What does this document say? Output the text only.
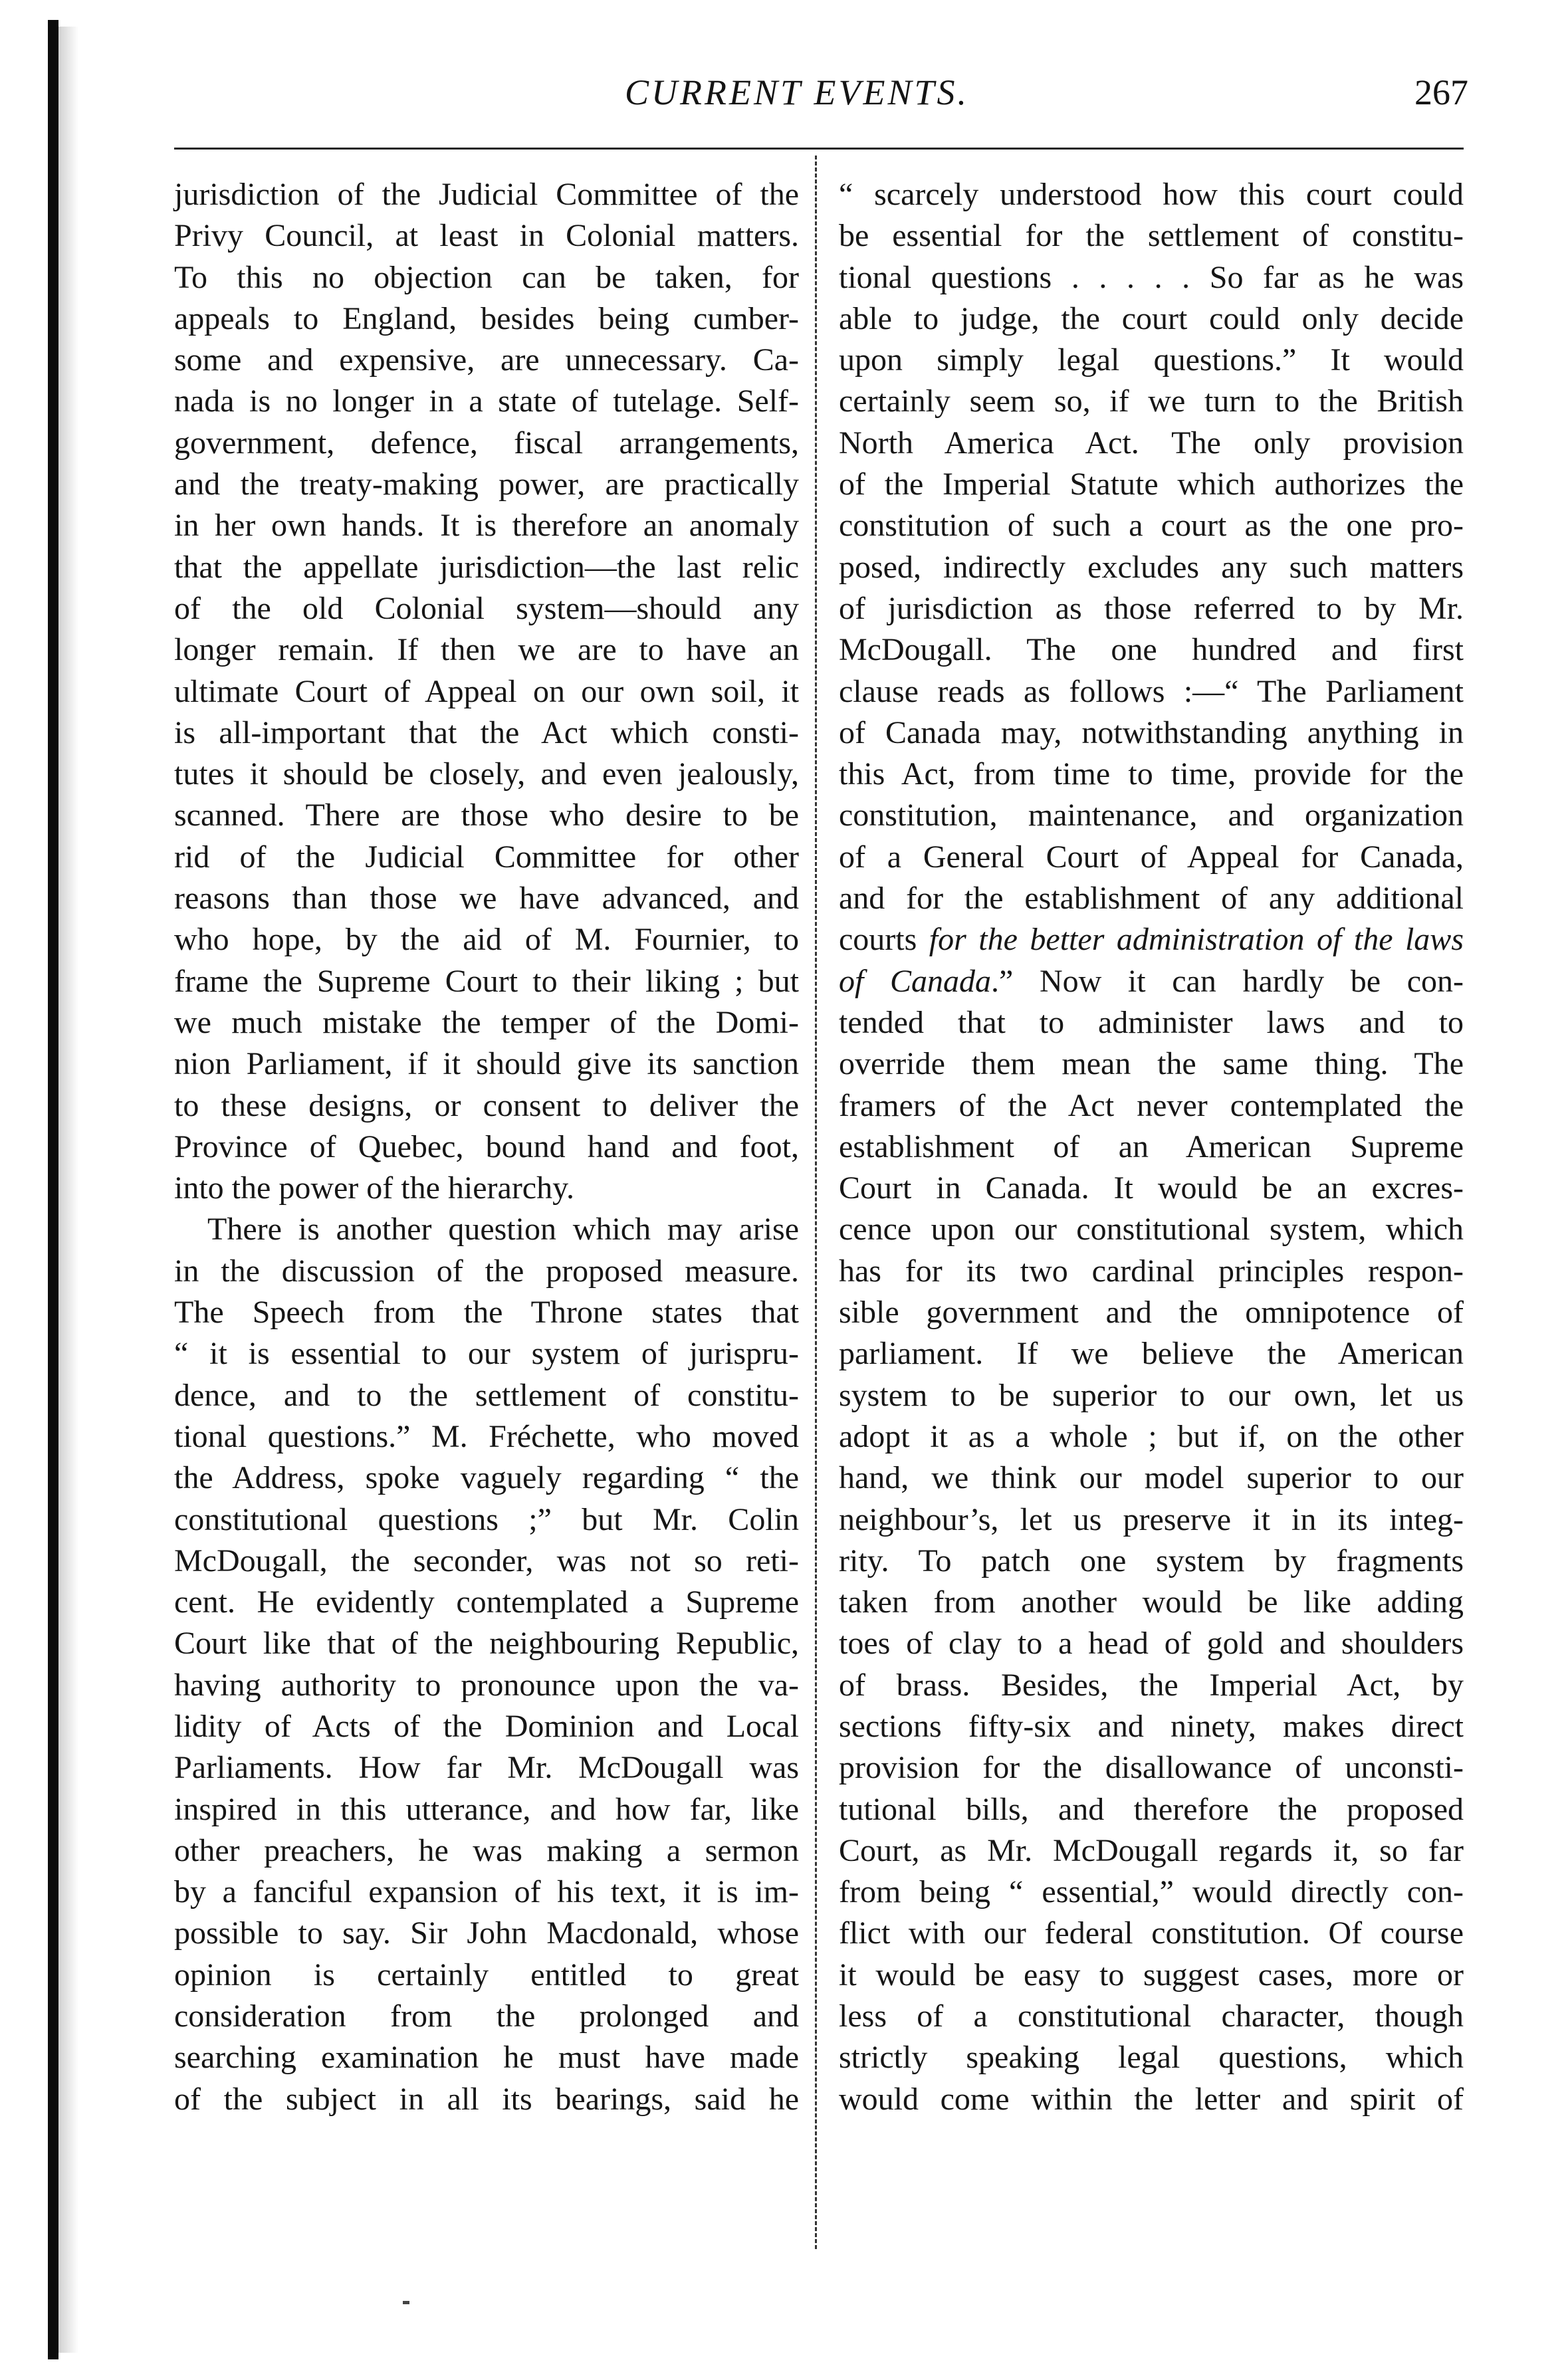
CURRENT EVENTS.	267

jurisdiction of the Judicial Committee of the

Privy Council, at least in Colonial matters.

To this no objection can be taken, for

appeals to England, besides being cumber-

some and expensive, are unnecessary. Ca-

nada is no longer in a state of tutelage. Self-

government, defence, fiscal arrangements,

and the treaty-making power, are practically

in her own hands. It is therefore an anomaly

that the appellate jurisdiction—the last relic

of the old Colonial system—should any

longer remain. If then we are to have an

ultimate Court of Appeal on our own soil, it

is all-important that the Act which consti-

tutes it should be closely, and even jealously,

scanned. There are those who desire to be

rid of the Judicial Committee for other

reasons than those we have advanced, and

who hope, by the aid of M. Fournier, to

frame the Supreme Court to their liking ; but

we much mistake the temper of the Domi-

nion Parliament, if it should give its sanction

to these designs, or consent to deliver the

Province of Quebec, bound hand and foot,

into the power of the hierarchy.

There is another question which may arise

in the discussion of the proposed measure.

The Speech from the Throne states that

“ it is essential to our system of jurispru-

dence, and to the settlement of constitu-

tional questions.” M. Fréchette, who moved

the Address, spoke vaguely regarding “ the

constitutional questions ;” but Mr. Colin

McDougall, the seconder, was not so reti-

cent. He evidently contemplated a Supreme

Court like that of the neighbouring Republic,

having authority to pronounce upon the va-

lidity of Acts of the Dominion and Local

Parliaments. How far Mr. McDougall was

inspired in this utterance, and how far, like

other preachers, he was making a sermon

by a fanciful expansion of his text, it is im-

possible to say. Sir John Macdonald, whose

opinion is certainly entitled to great

consideration from the prolonged and

searching examination he must have made

of the subject in all its bearings, said he

“ scarcely understood how this court could

be essential for the settlement of constitu-

tional questions . . . . . So far as he was

able to judge, the court could only decide

upon simply legal questions.” It would

certainly seem so, if we turn to the British

North America Act. The only provision

of the Imperial Statute which authorizes the

constitution of such a court as the one pro-

posed, indirectly excludes any such matters

of jurisdiction as those referred to by Mr.

McDougall. The one hundred and first

clause reads as follows :—“ The Parliament

of Canada may, notwithstanding anything in

this Act, from time to time, provide for the

constitution, maintenance, and organization

of a General Court of Appeal for Canada,

and for the establishment of any additional

courts for the better administration of the laws

of Canada.” Now it can hardly be con-

tended that to administer laws and to

override them mean the same thing. The

framers of the Act never contemplated the

establishment of an American Supreme

Court in Canada. It would be an excres-

cence upon our constitutional system, which

has for its two cardinal principles respon-

sible government and the omnipotence of

parliament. If we believe the American

system to be superior to our own, let us

adopt it as a whole ; but if, on the other

hand, we think our model superior to our

neighbour’s, let us preserve it in its integ-

rity. To patch one system by fragments

taken from another would be like adding

toes of clay to a head of gold and shoulders

of brass. Besides, the Imperial Act, by

sections fifty-six and ninety, makes direct

provision for the disallowance of unconsti-

tutional bills, and therefore the proposed

Court, as Mr. McDougall regards it, so far

from being “ essential,” would directly con-

flict with our federal constitution. Of course

it would be easy to suggest cases, more or

less of a constitutional character, though

strictly speaking legal questions, which

would come within the letter and spirit of
